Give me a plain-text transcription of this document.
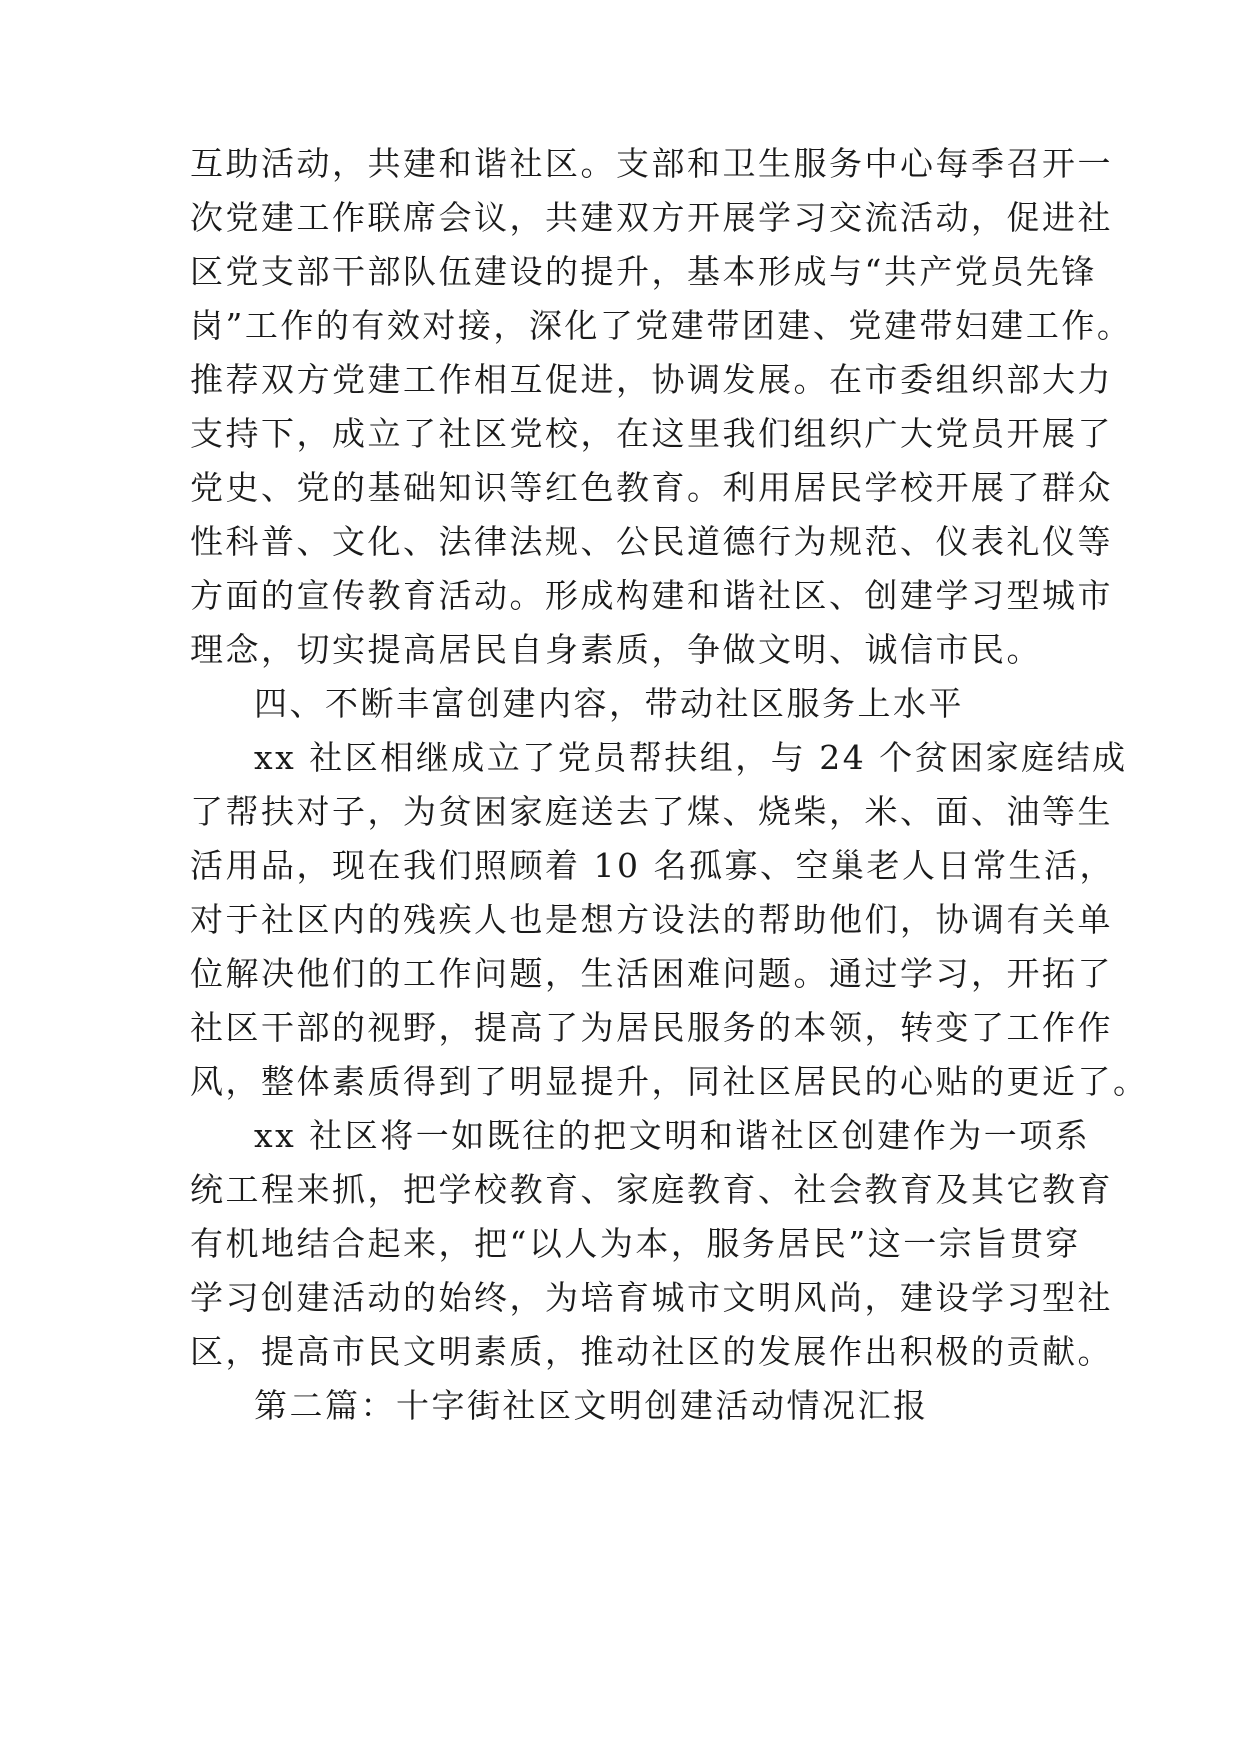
互助活动，共建和谐社区。支部和卫生服务中心每季召开一
次党建工作联席会议，共建双方开展学习交流活动，促进社
区党支部干部队伍建设的提升，基本形成与“共产党员先锋
岗”工作的有效对接，深化了党建带团建、党建带妇建工作。
推荐双方党建工作相互促进，协调发展。在市委组织部大力
支持下，成立了社区党校，在这里我们组织广大党员开展了
党史、党的基础知识等红色教育。利用居民学校开展了群众
性科普、文化、法律法规、公民道德行为规范、仪表礼仪等
方面的宣传教育活动。形成构建和谐社区、创建学习型城市
理念，切实提高居民自身素质，争做文明、诚信市民。
四、不断丰富创建内容，带动社区服务上水平
xx 社区相继成立了党员帮扶组，与 24 个贫困家庭结成
了帮扶对子，为贫困家庭送去了煤、烧柴，米、面、油等生
活用品，现在我们照顾着 10 名孤寡、空巢老人日常生活，
对于社区内的残疾人也是想方设法的帮助他们，协调有关单
位解决他们的工作问题，生活困难问题。通过学习，开拓了
社区干部的视野，提高了为居民服务的本领，转变了工作作
风，整体素质得到了明显提升，同社区居民的心贴的更近了。
xx 社区将一如既往的把文明和谐社区创建作为一项系
统工程来抓，把学校教育、家庭教育、社会教育及其它教育
有机地结合起来，把“以人为本，服务居民”这一宗旨贯穿
学习创建活动的始终，为培育城市文明风尚，建设学习型社
区，提高市民文明素质，推动社区的发展作出积极的贡献。
第二篇：十字街社区文明创建活动情况汇报
